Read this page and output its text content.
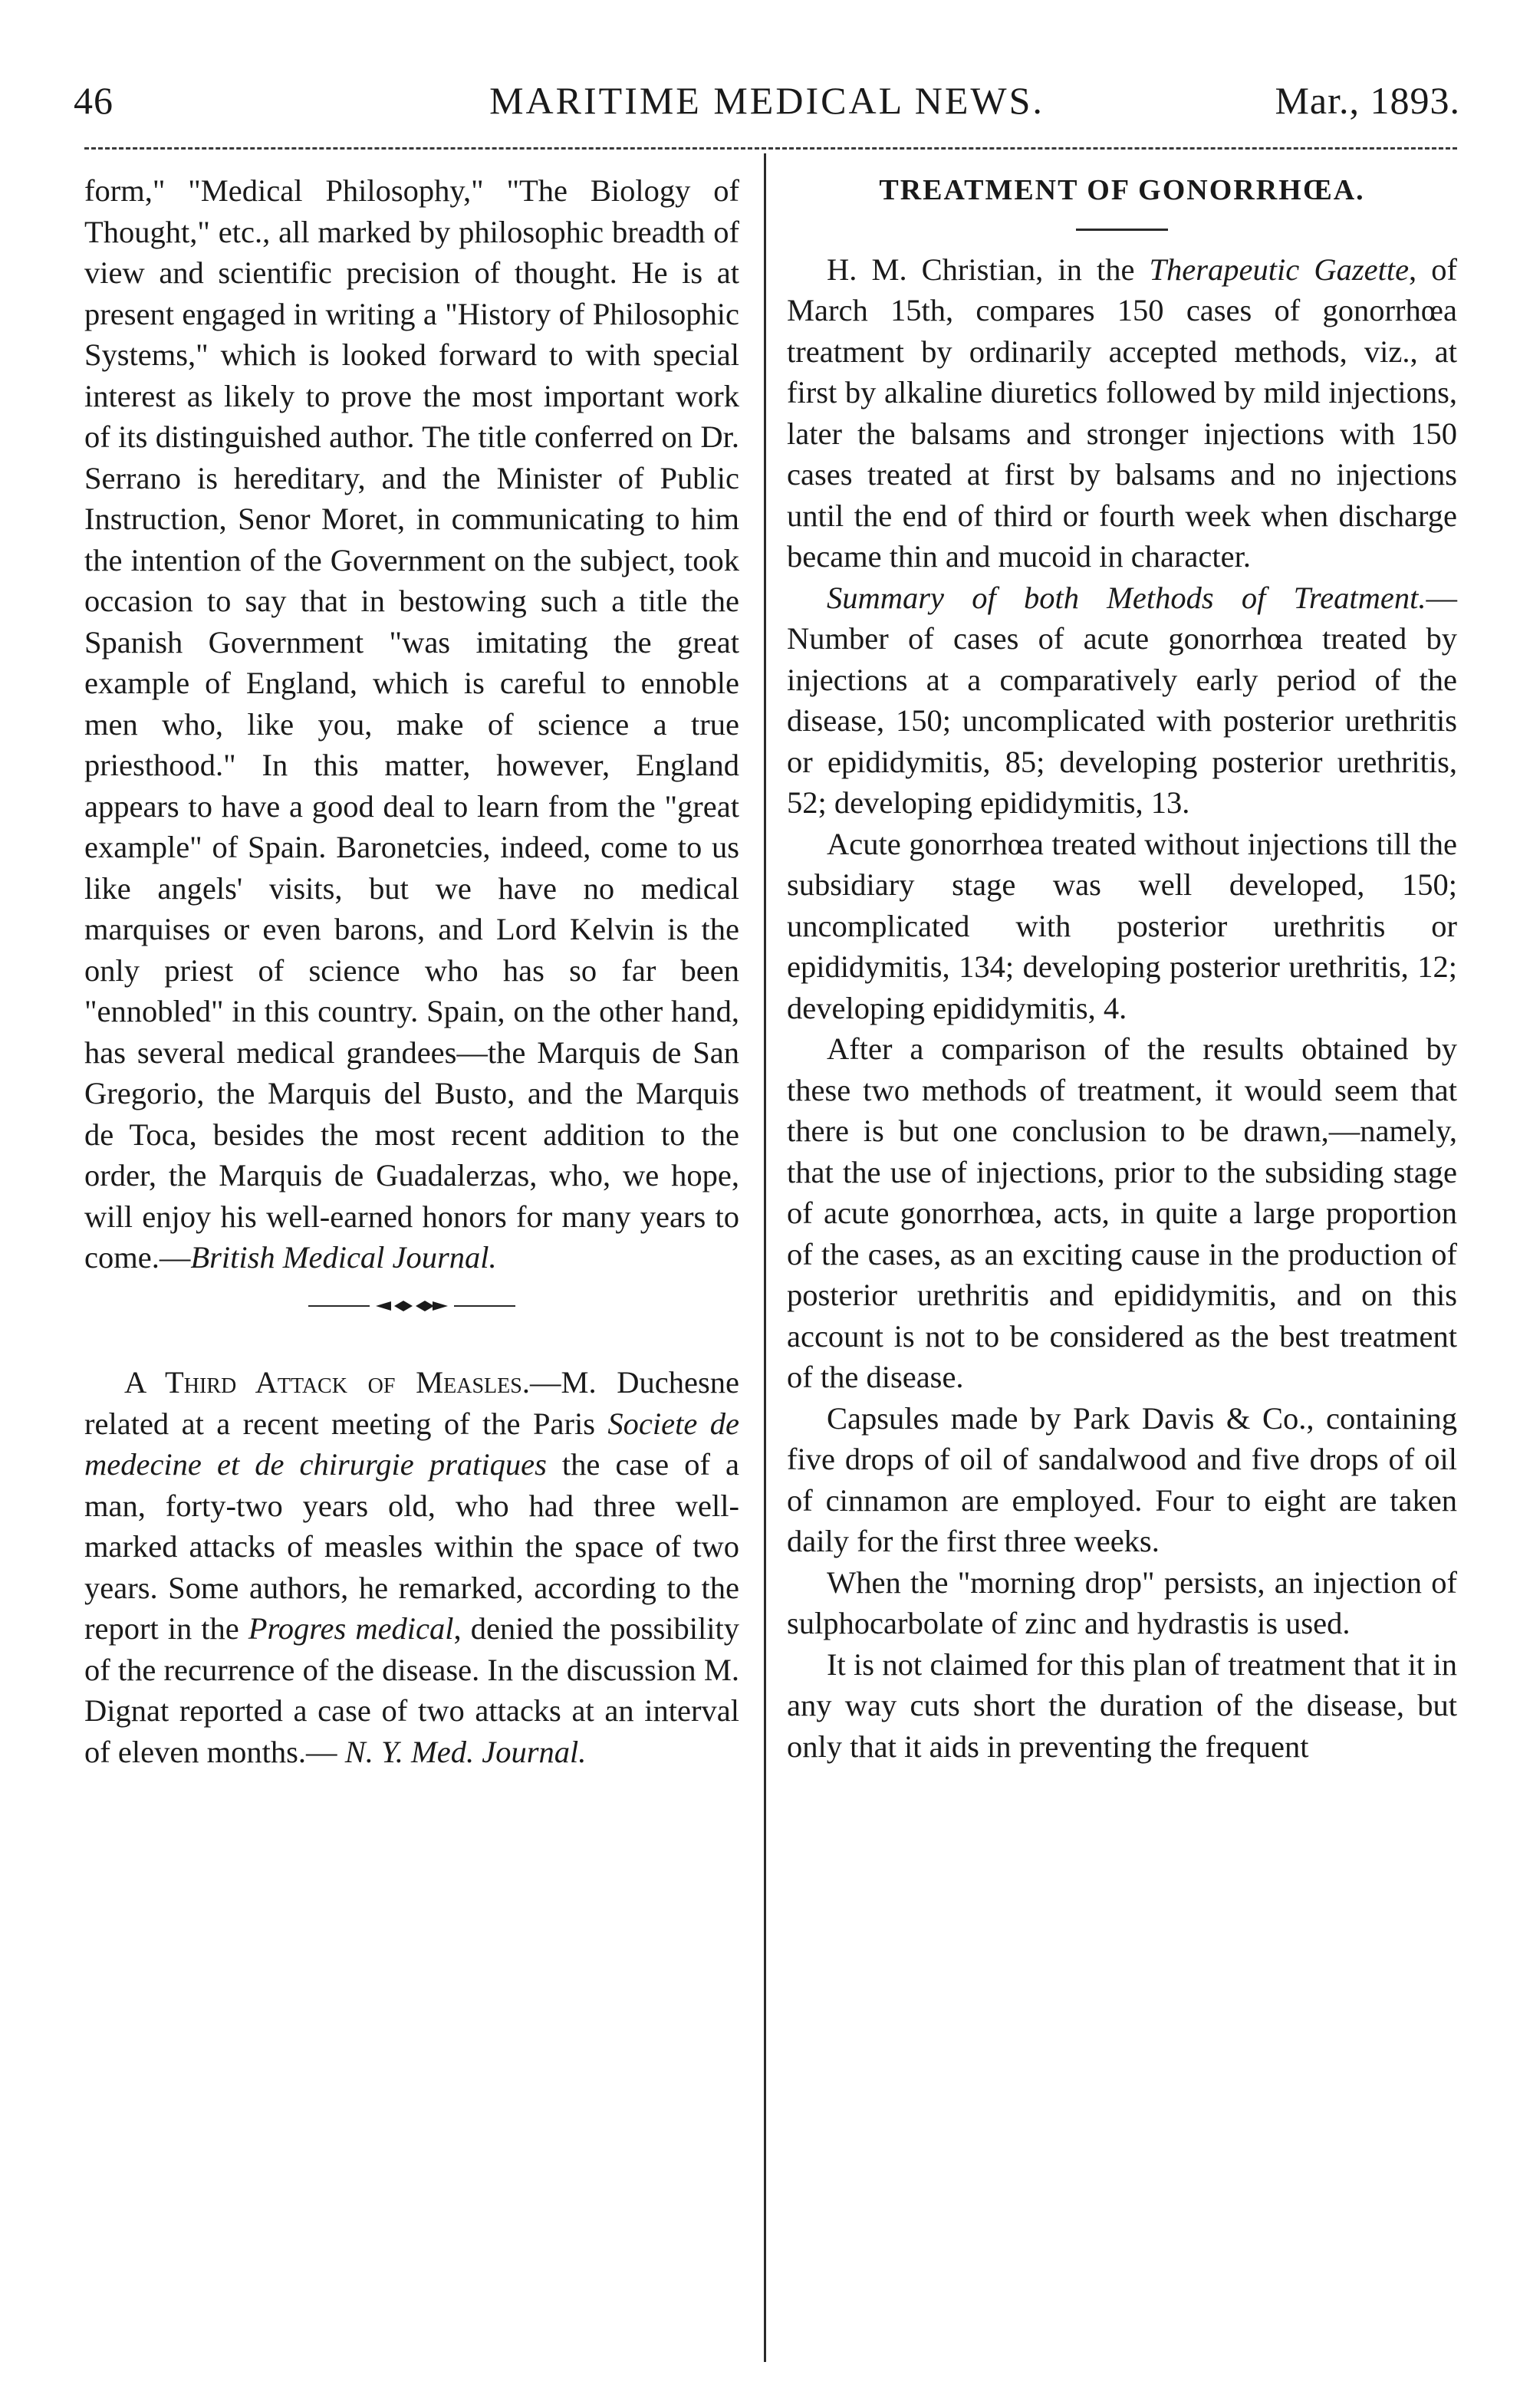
46	MARITIME MEDICAL NEWS.	Mar., 1893.

form," "Medical Philosophy," "The Biology of Thought," etc., all marked by philosophic breadth of view and scientific precision of thought. He is at present engaged in writing a "History of Philosophic Systems," which is looked forward to with special interest as likely to prove the most important work of its distinguished author. The title conferred on Dr. Serrano is hereditary, and the Minister of Public Instruction, Senor Moret, in communicating to him the intention of the Government on the subject, took occasion to say that in bestowing such a title the Spanish Government "was imitating the great example of England, which is careful to ennoble men who, like you, make of science a true priesthood." In this matter, however, England appears to have a good deal to learn from the "great example" of Spain. Baronetcies, indeed, come to us like angels' visits, but we have no medical marquises or even barons, and Lord Kelvin is the only priest of science who has so far been "ennobled" in this country. Spain, on the other hand, has several medical grandees—the Marquis de San Gregorio, the Marquis del Busto, and the Marquis de Toca, besides the most recent addition to the order, the Marquis de Guadalerzas, who, we hope, will enjoy his well-earned honors for many years to come.—British Medical Journal.

A Third Attack of Measles.—M. Duchesne related at a recent meeting of the Paris Societe de medecine et de chirurgie pratiques the case of a man, forty-two years old, who had three well-marked attacks of measles within the space of two years. Some authors, he remarked, according to the report in the Progres medical, denied the possibility of the recurrence of the disease. In the discussion M. Dignat reported a case of two attacks at an interval of eleven months.— N. Y. Med. Journal.

TREATMENT OF GONORRHŒA.

H. M. Christian, in the Therapeutic Gazette, of March 15th, compares 150 cases of gonorrhœa treatment by ordinarily accepted methods, viz., at first by alkaline diuretics followed by mild injections, later the balsams and stronger injections with 150 cases treated at first by balsams and no injections until the end of third or fourth week when discharge became thin and mucoid in character.

Summary of both Methods of Treatment.—Number of cases of acute gonorrhœa treated by injections at a comparatively early period of the disease, 150; uncomplicated with posterior urethritis or epididymitis, 85; developing posterior urethritis, 52; developing epididymitis, 13.

Acute gonorrhœa treated without injections till the subsidiary stage was well developed, 150; uncomplicated with posterior urethritis or epididymitis, 134; developing posterior urethritis, 12; developing epididymitis, 4.

After a comparison of the results obtained by these two methods of treatment, it would seem that there is but one conclusion to be drawn,—namely, that the use of injections, prior to the subsiding stage of acute gonorrhœa, acts, in quite a large proportion of the cases, as an exciting cause in the production of posterior urethritis and epididymitis, and on this account is not to be considered as the best treatment of the disease.

Capsules made by Park Davis & Co., containing five drops of oil of sandalwood and five drops of oil of cinnamon are employed. Four to eight are taken daily for the first three weeks.

When the "morning drop" persists, an injection of sulphocarbolate of zinc and hydrastis is used.

It is not claimed for this plan of treatment that it in any way cuts short the duration of the disease, but only that it aids in preventing the frequent
